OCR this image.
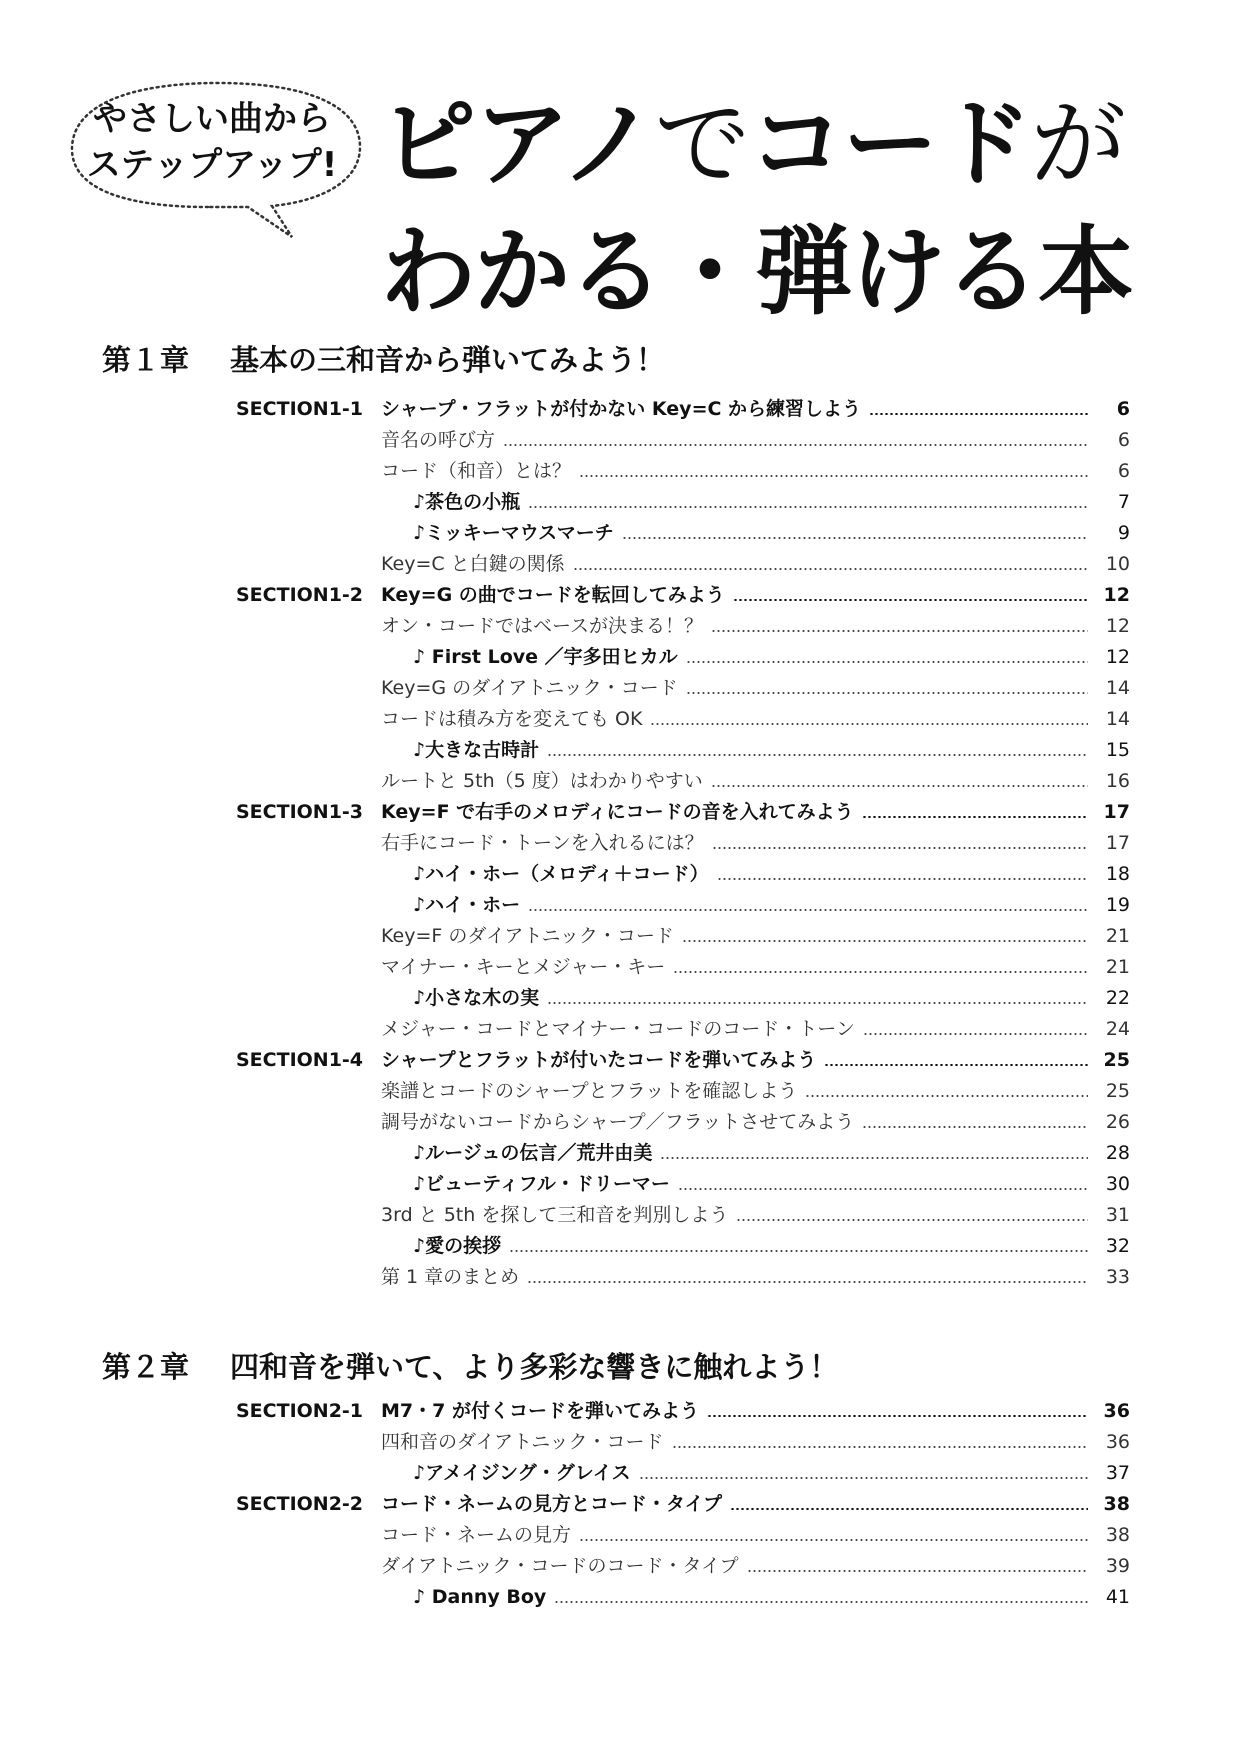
やさしい曲から
ステップアップ! ピアノでコードが
わかる・弾ける本
第１章 基本の三和音から弾いてみよう！
SECTION1-1 シャープ・フラットが付かない Key=C から練習しよう	6
音名の呼び方	6
コード（和音）とは？	6
♪茶色の小瓶	7
♪ミッキーマウスマーチ	9
Key=C と白鍵の関係	10
SECTION1-2 Key=G の曲でコードを転回してみよう	12
オン・コードではベースが決まる！？	12
♪ First Love ／宇多田ヒカル	12
Key=G のダイアトニック・コード	14
コードは積み方を変えても OK	14
♪大きな古時計	15
ルートと 5th（5 度）はわかりやすい	16
SECTION1-3 Key=F で右手のメロディにコードの音を入れてみよう	17
右手にコード・トーンを入れるには？	17
♪ハイ・ホー（メロディ＋コード）	18
♪ハイ・ホー	19
Key=F のダイアトニック・コード	21
マイナー・キーとメジャー・キー	21
♪小さな木の実	22
メジャー・コードとマイナー・コードのコード・トーン	24
SECTION1-4 シャープとフラットが付いたコードを弾いてみよう	25
楽譜とコードのシャープとフラットを確認しよう	25
調号がないコードからシャープ／フラットさせてみよう	26
♪ルージュの伝言／荒井由美	28
♪ビューティフル・ドリーマー	30
3rd と 5th を探して三和音を判別しよう	31
♪愛の挨拶	32
第 1 章のまとめ	33
第２章 四和音を弾いて、より多彩な響きに触れよう！
SECTION2-1 M7・7 が付くコードを弾いてみよう	36
四和音のダイアトニック・コード	36
♪アメイジング・グレイス	37
SECTION2-2 コード・ネームの見方とコード・タイプ	38
コード・ネームの見方	38
ダイアトニック・コードのコード・タイプ	39
♪ Danny Boy	41
